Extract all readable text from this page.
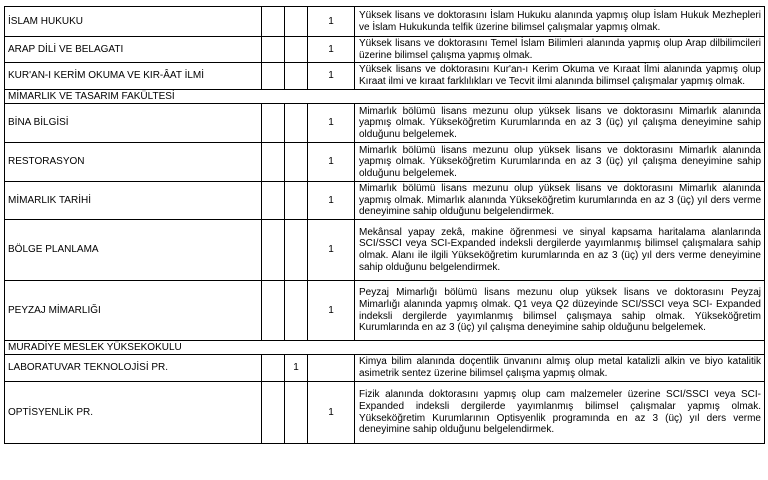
İSLAM HUKUKU			1	Yüksek lisans ve doktorasını İslam Hukuku alanında yapmış olup İslam Hukuk Mezhepleri ve İslam Hukukunda telfik üzerine bilimsel çalışmalar yapmış olmak.
ARAP DİLİ VE BELAGATI			1	Yüksek lisans ve doktorasını Temel İslam Bilimleri alanında yapmış olup Arap dilbilimcileri üzerine bilimsel çalışma yapmış olmak.
KUR'AN-I KERİM OKUMA VE KIR-ÂAT İLMİ			1	Yüksek lisans ve doktorasını Kur'an-ı Kerim Okuma ve Kıraat İlmi alanında yapmış olup Kıraat ilmi ve kıraat farklılıkları ve Tecvit ilmi alanında bilimsel çalışmalar yapmış olmak.
MİMARLIK VE TASARIM FAKÜLTESİ				
BİNA BİLGİSİ			1	Mimarlık bölümü lisans mezunu olup yüksek lisans ve doktorasını Mimarlık alanında yapmış olmak. Yükseköğretim Kurumlarında en az 3 (üç) yıl çalışma deneyimine sahip olduğunu belgelemek.
RESTORASYON			1	Mimarlık bölümü lisans mezunu olup yüksek lisans ve doktorasını Mimarlık alanında yapmış olmak. Yükseköğretim Kurumlarında en az 3 (üç) yıl çalışma deneyimine sahip olduğunu belgelemek.
MİMARLIK TARİHİ			1	Mimarlık bölümü lisans mezunu olup yüksek lisans ve doktorasını Mimarlık alanında yapmış olmak. Mimarlık alanında Yükseköğretim kurumlarında en az 3 (üç) yıl ders verme deneyimine sahip olduğunu belgelendirmek.
BÖLGE PLANLAMA			1	Mekânsal yapay zekâ, makine öğrenmesi ve sinyal kapsama haritalama alanlarında SCI/SSCI veya SCI-Expanded indeksli dergilerde yayımlanmış bilimsel çalışmalara sahip olmak. Alanı ile ilgili Yükseköğretim kurumlarında en az 3 (üç) yıl ders verme deneyimine sahip olduğunu belgelendirmek.
PEYZAJ MİMARLIĞI			1	Peyzaj Mimarlığı bölümü lisans mezunu olup yüksek lisans ve doktorasını Peyzaj Mimarlığı alanında yapmış olmak. Q1 veya Q2 düzeyinde SCI/SSCI veya SCI- Expanded indeksli dergilerde yayımlanmış bilimsel çalışmaya sahip olmak. Yükseköğretim Kurumlarında en az 3 (üç) yıl çalışma deneyimine sahip olduğunu belgelemek.
MURADİYE MESLEK YÜKSEKOKULU				
LABORATUVAR TEKNOLOJİSİ PR.		1		Kimya bilim alanında doçentlik ünvanını almış olup metal katalizli alkin ve biyo katalitik asimetrik sentez üzerine bilimsel çalışma yapmış olmak.
OPTİSYENLİK PR.			1	Fizik alanında doktorasını yapmış olup cam malzemeler üzerine SCI/SSCI veya SCI-Expanded indeksli dergilerde yayımlanmış bilimsel çalışmalar yapmış olmak. Yükseköğretim Kurumlarının Optisyenlik programında en az 3 (üç) yıl ders verme deneyimine sahip olduğunu belgelendirmek.
